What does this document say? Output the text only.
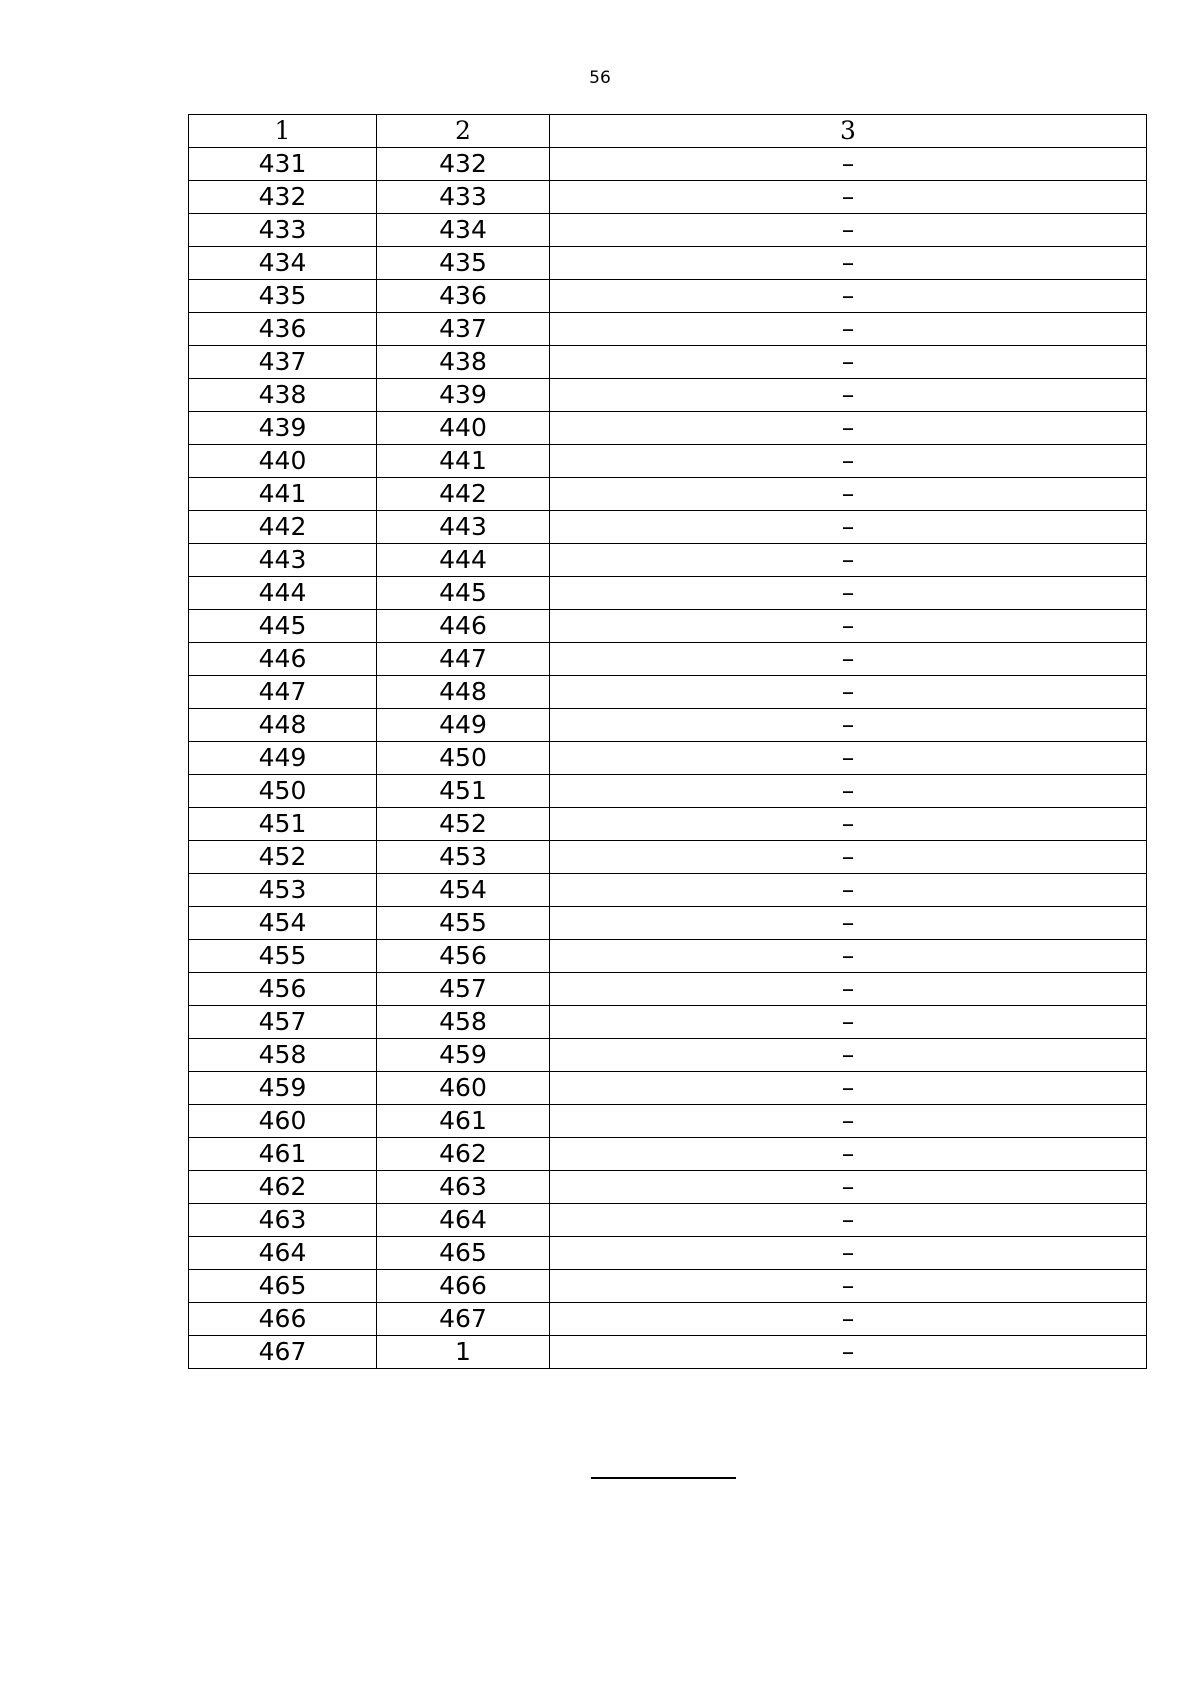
56
1	2	3
431	432	–
432	433	–
433	434	–
434	435	–
435	436	–
436	437	–
437	438	–
438	439	–
439	440	–
440	441	–
441	442	–
442	443	–
443	444	–
444	445	–
445	446	–
446	447	–
447	448	–
448	449	–
449	450	–
450	451	–
451	452	–
452	453	–
453	454	–
454	455	–
455	456	–
456	457	–
457	458	–
458	459	–
459	460	–
460	461	–
461	462	–
462	463	–
463	464	–
464	465	–
465	466	–
466	467	–
467	1	–
